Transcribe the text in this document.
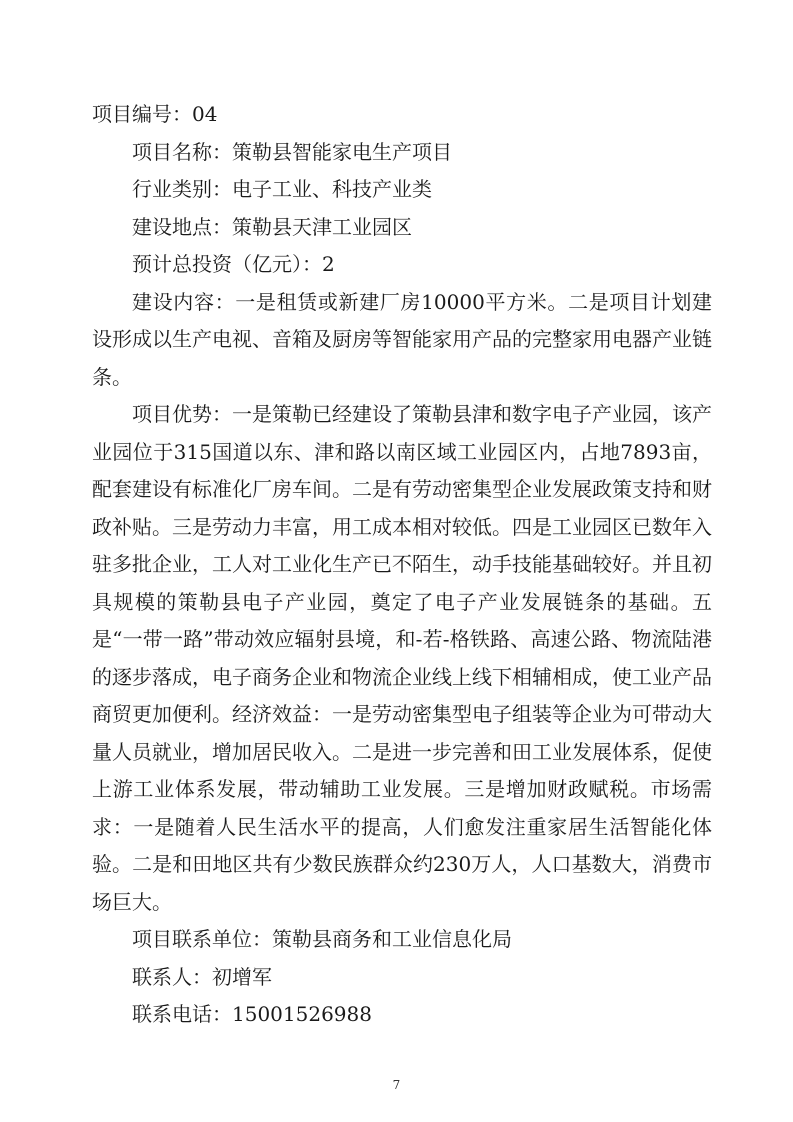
项目编号：04

项目名称：策勒县智能家电生产项目

行业类别：电子工业、科技产业类

建设地点：策勒县天津工业园区

预计总投资（亿元）：2

建设内容：一是租赁或新建厂房10000平方米。二是项目计划建设形成以生产电视、音箱及厨房等智能家用产品的完整家用电器产业链条。

项目优势：一是策勒已经建设了策勒县津和数字电子产业园，该产业园位于315国道以东、津和路以南区域工业园区内，占地7893亩，配套建设有标准化厂房车间。二是有劳动密集型企业发展政策支持和财政补贴。三是劳动力丰富，用工成本相对较低。四是工业园区已数年入驻多批企业，工人对工业化生产已不陌生，动手技能基础较好。并且初具规模的策勒县电子产业园，奠定了电子产业发展链条的基础。五是“一带一路”带动效应辐射县境，和-若-格铁路、高速公路、物流陆港的逐步落成，电子商务企业和物流企业线上线下相辅相成，使工业产品商贸更加便利。经济效益：一是劳动密集型电子组装等企业为可带动大量人员就业，增加居民收入。二是进一步完善和田工业发展体系，促使上游工业体系发展，带动辅助工业发展。三是增加财政赋税。市场需求：一是随着人民生活水平的提高，人们愈发注重家居生活智能化体验。二是和田地区共有少数民族群众约230万人，人口基数大，消费市场巨大。

项目联系单位：策勒县商务和工业信息化局

联系人：初增军

联系电话：15001526988

7
